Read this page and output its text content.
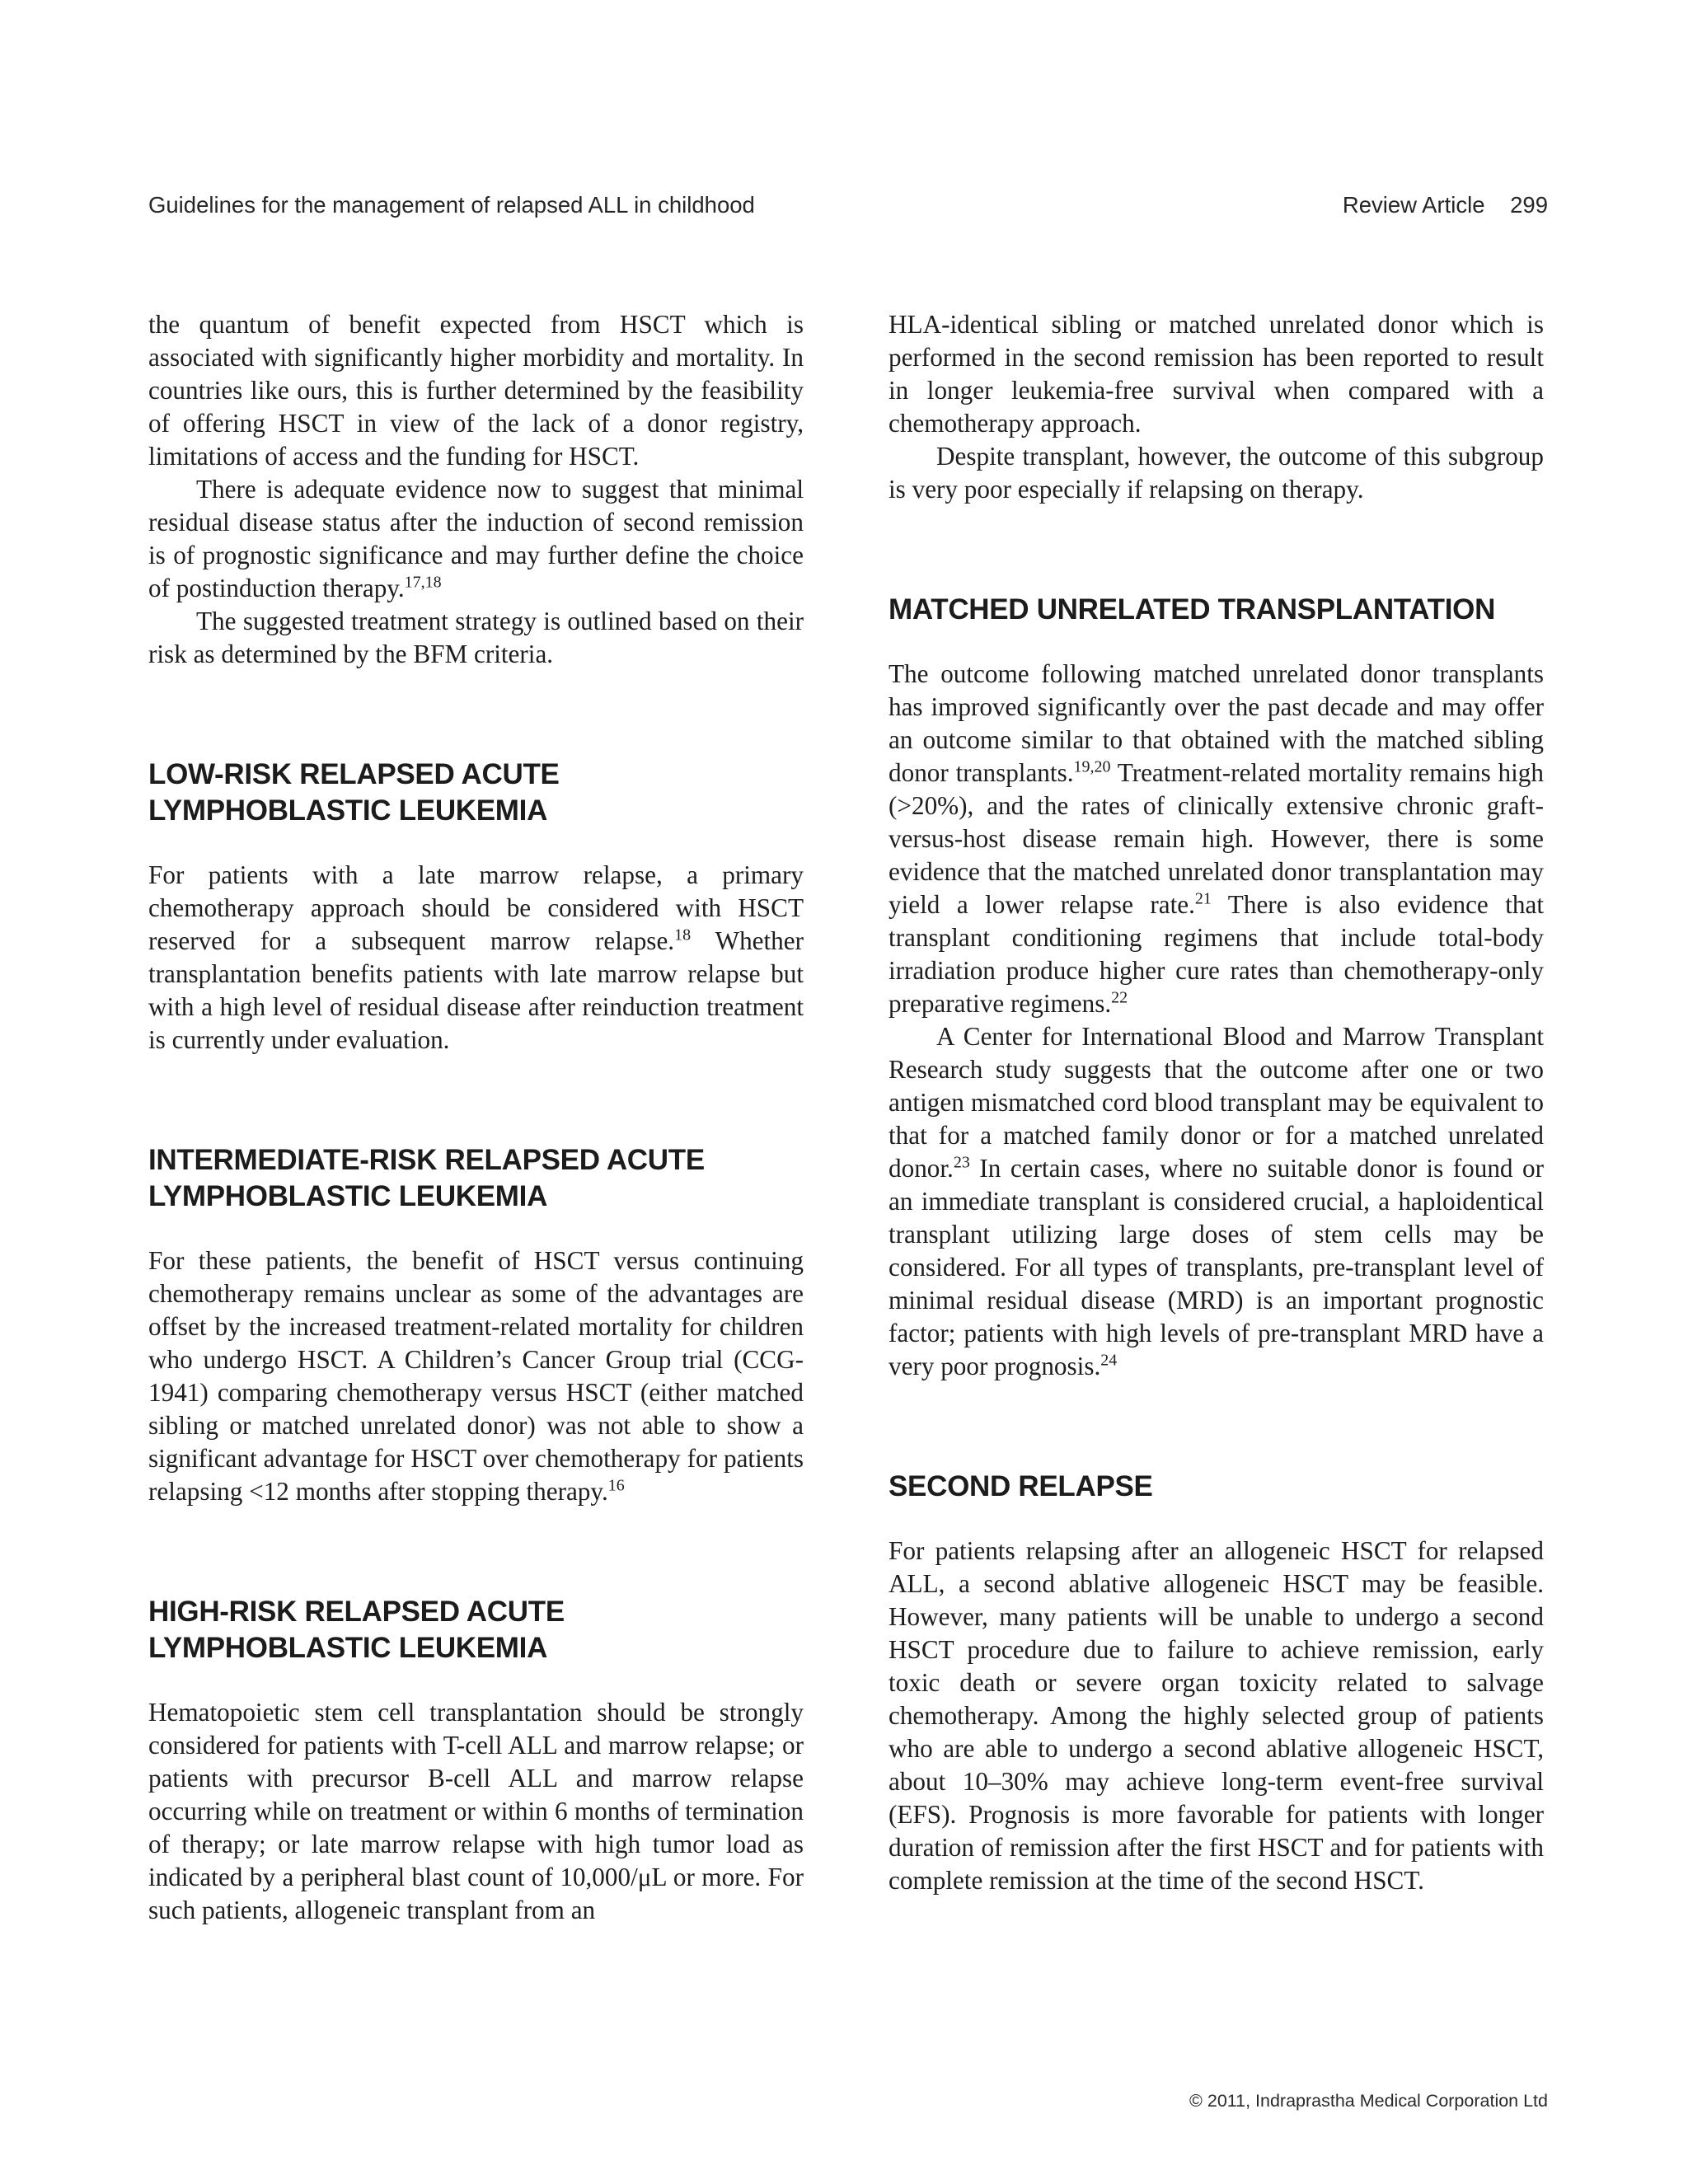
Guidelines for the management of relapsed ALL in childhood	Review Article 299

the quantum of benefit expected from HSCT which is associated with significantly higher morbidity and mortality. In countries like ours, this is further determined by the feasibility of offering HSCT in view of the lack of a donor registry, limitations of access and the funding for HSCT.

There is adequate evidence now to suggest that minimal residual disease status after the induction of second remission is of prognostic significance and may further define the choice of postinduction therapy.$^{17,18}$

The suggested treatment strategy is outlined based on their risk as determined by the BFM criteria.

LOW-RISK RELAPSED ACUTE
LYMPHOBLASTIC LEUKEMIA

For patients with a late marrow relapse, a primary chemotherapy approach should be considered with HSCT reserved for a subsequent marrow relapse.$^{18}$ Whether transplantation benefits patients with late marrow relapse but with a high level of residual disease after reinduction treatment is currently under evaluation.

INTERMEDIATE-RISK RELAPSED ACUTE
LYMPHOBLASTIC LEUKEMIA

For these patients, the benefit of HSCT versus continuing chemotherapy remains unclear as some of the advantages are offset by the increased treatment-related mortality for children who undergo HSCT. A Children’s Cancer Group trial (CCG-1941) comparing chemotherapy versus HSCT (either matched sibling or matched unrelated donor) was not able to show a significant advantage for HSCT over chemotherapy for patients relapsing <12 months after stopping therapy.$^{16}$

HIGH-RISK RELAPSED ACUTE
LYMPHOBLASTIC LEUKEMIA

Hematopoietic stem cell transplantation should be strongly considered for patients with T-cell ALL and marrow relapse; or patients with precursor B-cell ALL and marrow relapse occurring while on treatment or within 6 months of termination of therapy; or late marrow relapse with high tumor load as indicated by a peripheral blast count of 10,000/μL or more. For such patients, allogeneic transplant from an

HLA-identical sibling or matched unrelated donor which is performed in the second remission has been reported to result in longer leukemia-free survival when compared with a chemotherapy approach.

Despite transplant, however, the outcome of this subgroup is very poor especially if relapsing on therapy.

MATCHED UNRELATED TRANSPLANTATION

The outcome following matched unrelated donor transplants has improved significantly over the past decade and may offer an outcome similar to that obtained with the matched sibling donor transplants.$^{19,20}$ Treatment-related mortality remains high (>20%), and the rates of clinically extensive chronic graft-versus-host disease remain high. However, there is some evidence that the matched unrelated donor transplantation may yield a lower relapse rate.$^{21}$ There is also evidence that transplant conditioning regimens that include total-body irradiation produce higher cure rates than chemotherapy-only preparative regimens.$^{22}$

A Center for International Blood and Marrow Transplant Research study suggests that the outcome after one or two antigen mismatched cord blood transplant may be equivalent to that for a matched family donor or for a matched unrelated donor.$^{23}$ In certain cases, where no suitable donor is found or an immediate transplant is considered crucial, a haploidentical transplant utilizing large doses of stem cells may be considered. For all types of transplants, pre-transplant level of minimal residual disease (MRD) is an important prognostic factor; patients with high levels of pre-transplant MRD have a very poor prognosis.$^{24}$

SECOND RELAPSE

For patients relapsing after an allogeneic HSCT for relapsed ALL, a second ablative allogeneic HSCT may be feasible. However, many patients will be unable to undergo a second HSCT procedure due to failure to achieve remission, early toxic death or severe organ toxicity related to salvage chemotherapy. Among the highly selected group of patients who are able to undergo a second ablative allogeneic HSCT, about 10–30% may achieve long-term event-free survival (EFS). Prognosis is more favorable for patients with longer duration of remission after the first HSCT and for patients with complete remission at the time of the second HSCT.

© 2011, Indraprastha Medical Corporation Ltd
